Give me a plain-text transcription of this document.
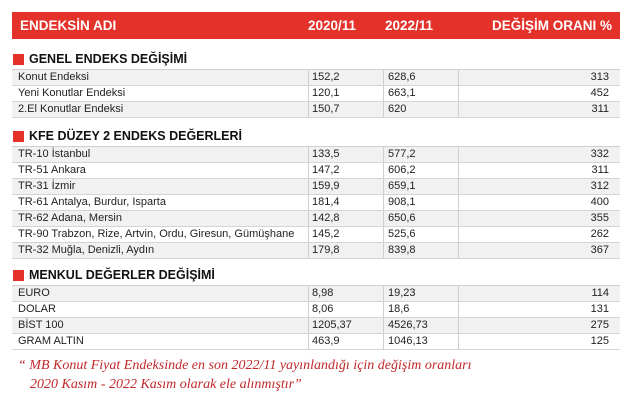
ENDEKSİN ADI	2020/11 2022/11	DEĞİŞİM ORANI %
GENEL ENDEKS DEĞİŞİMİ
Konut Endeksi	152,2	628,6	313
Yeni Konutlar Endeksi	120,1	663,1	452
2.El Konutlar Endeksi	150,7	620	311
KFE DÜZEY 2 ENDEKS DEĞERLERİ
TR-10 İstanbul	133,5	577,2	332
TR-51 Ankara	147,2	606,2	311
TR-31 İzmir	159,9	659,1	312
TR-61 Antalya, Burdur, Isparta	181,4	908,1	400
TR-62 Adana, Mersin	142,8	650,6	355
TR-90 Trabzon, Rize, Artvin, Ordu, Giresun, Gümüşhane	145,2	525,6	262
TR-32 Muğla, Denizli, Aydın	179,8	839,8	367
MENKUL DEĞERLER DEĞİŞİMİ
EURO	8,98	19,23	114
DOLAR	8,06	18,6	131
BİST 100	1205,37	4526,73	275
GRAM ALTIN	463,9	1046,13	125
“ MB Konut Fiyat Endeksinde en son 2022/11 yayınlandığı için değişim oranları
2020 Kasım - 2022 Kasım olarak ele alınmıştır”
